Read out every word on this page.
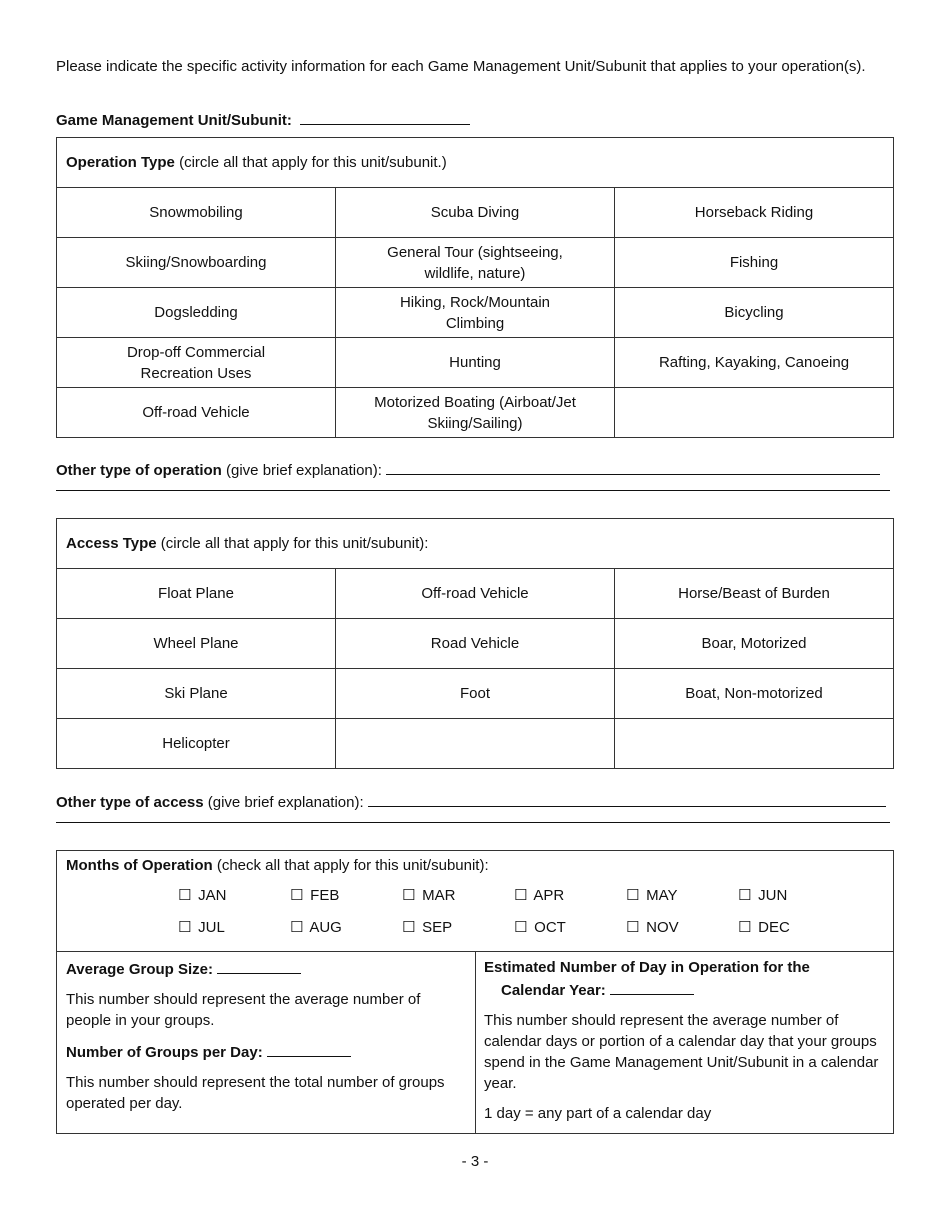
Please indicate the specific activity information for each Game Management Unit/Subunit that applies to your operation(s).
Game Management Unit/Subunit:
Operation Type (circle all that apply for this unit/subunit.)		
Snowmobiling	Scuba Diving	Horseback Riding
Skiing/Snowboarding	General Tour (sightseeing, wildlife, nature)	Fishing
Dogsledding	Hiking, Rock/Mountain Climbing	Bicycling
Drop-off Commercial Recreation Uses	Hunting	Rafting, Kayaking, Canoeing
Off-road Vehicle	Motorized Boating (Airboat/Jet Skiing/Sailing)	
Other type of operation (give brief explanation):
Access Type (circle all that apply for this unit/subunit):		
Float Plane	Off-road Vehicle	Horse/Beast of Burden
Wheel Plane	Road Vehicle	Boar, Motorized
Ski Plane	Foot	Boat, Non-motorized
Helicopter		
Other type of access (give brief explanation):
Months of Operation (check all that apply for this unit/subunit):
☐ JAN	☐ FEB	☐ MAR	☐ APR	☐ MAY	☐ JUN
☐ JUL	☐ AUG	☐ SEP	☐ OCT	☐ NOV	☐ DEC

Average Group Size:

This number should represent the average number of people in your groups.

Number of Groups per Day:

This number should represent the total number of groups operated per day.

Estimated Number of Day in Operation for the

Calendar Year:

This number should represent the average number of calendar days or portion of a calendar day that your groups spend in the Game Management Unit/Subunit in a calendar year.

1 day = any part of a calendar day

- 3 -
